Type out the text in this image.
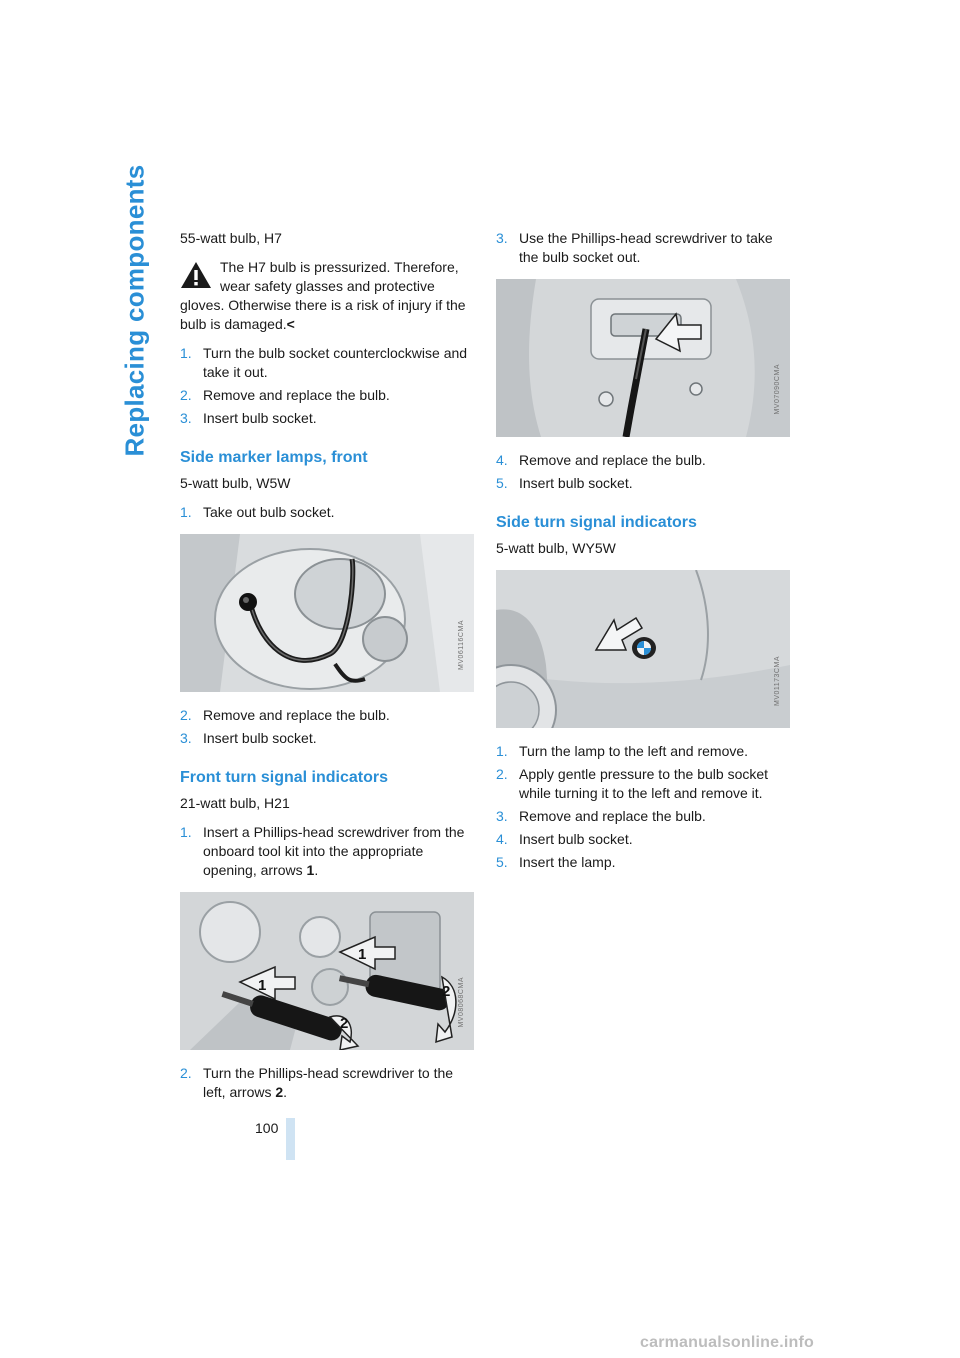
Replacing components
100

55-watt bulb, H7

The H7 bulb is pressurized. Therefore, wear safety glasses and protective gloves. Otherwise there is a risk of injury if the bulb is damaged.<

1. Turn the bulb socket counterclockwise and take it out.
2. Remove and replace the bulb.
3. Insert bulb socket.
Side marker lamps, front

5-watt bulb, W5W

1. Take out bulb socket.
MV06116CMA
2. Remove and replace the bulb.
3. Insert bulb socket.
Front turn signal indicators

21-watt bulb, H21

1. Insert a Phillips-head screwdriver from the onboard tool kit into the appropriate opening, arrows 1.
1
1
2
2	MV08068CMA
2. Turn the Phillips-head screwdriver to the left, arrows 2.
3. Use the Phillips-head screwdriver to take the bulb socket out.
MV07090CMA
4. Remove and replace the bulb.
5. Insert bulb socket.
Side turn signal indicators

5-watt bulb, WY5W

MV01173CMA
1. Turn the lamp to the left and remove.
2. Apply gentle pressure to the bulb socket while turning it to the left and remove it.
3. Remove and replace the bulb.
4. Insert bulb socket.
5. Insert the lamp.
carmanualsonline.info
